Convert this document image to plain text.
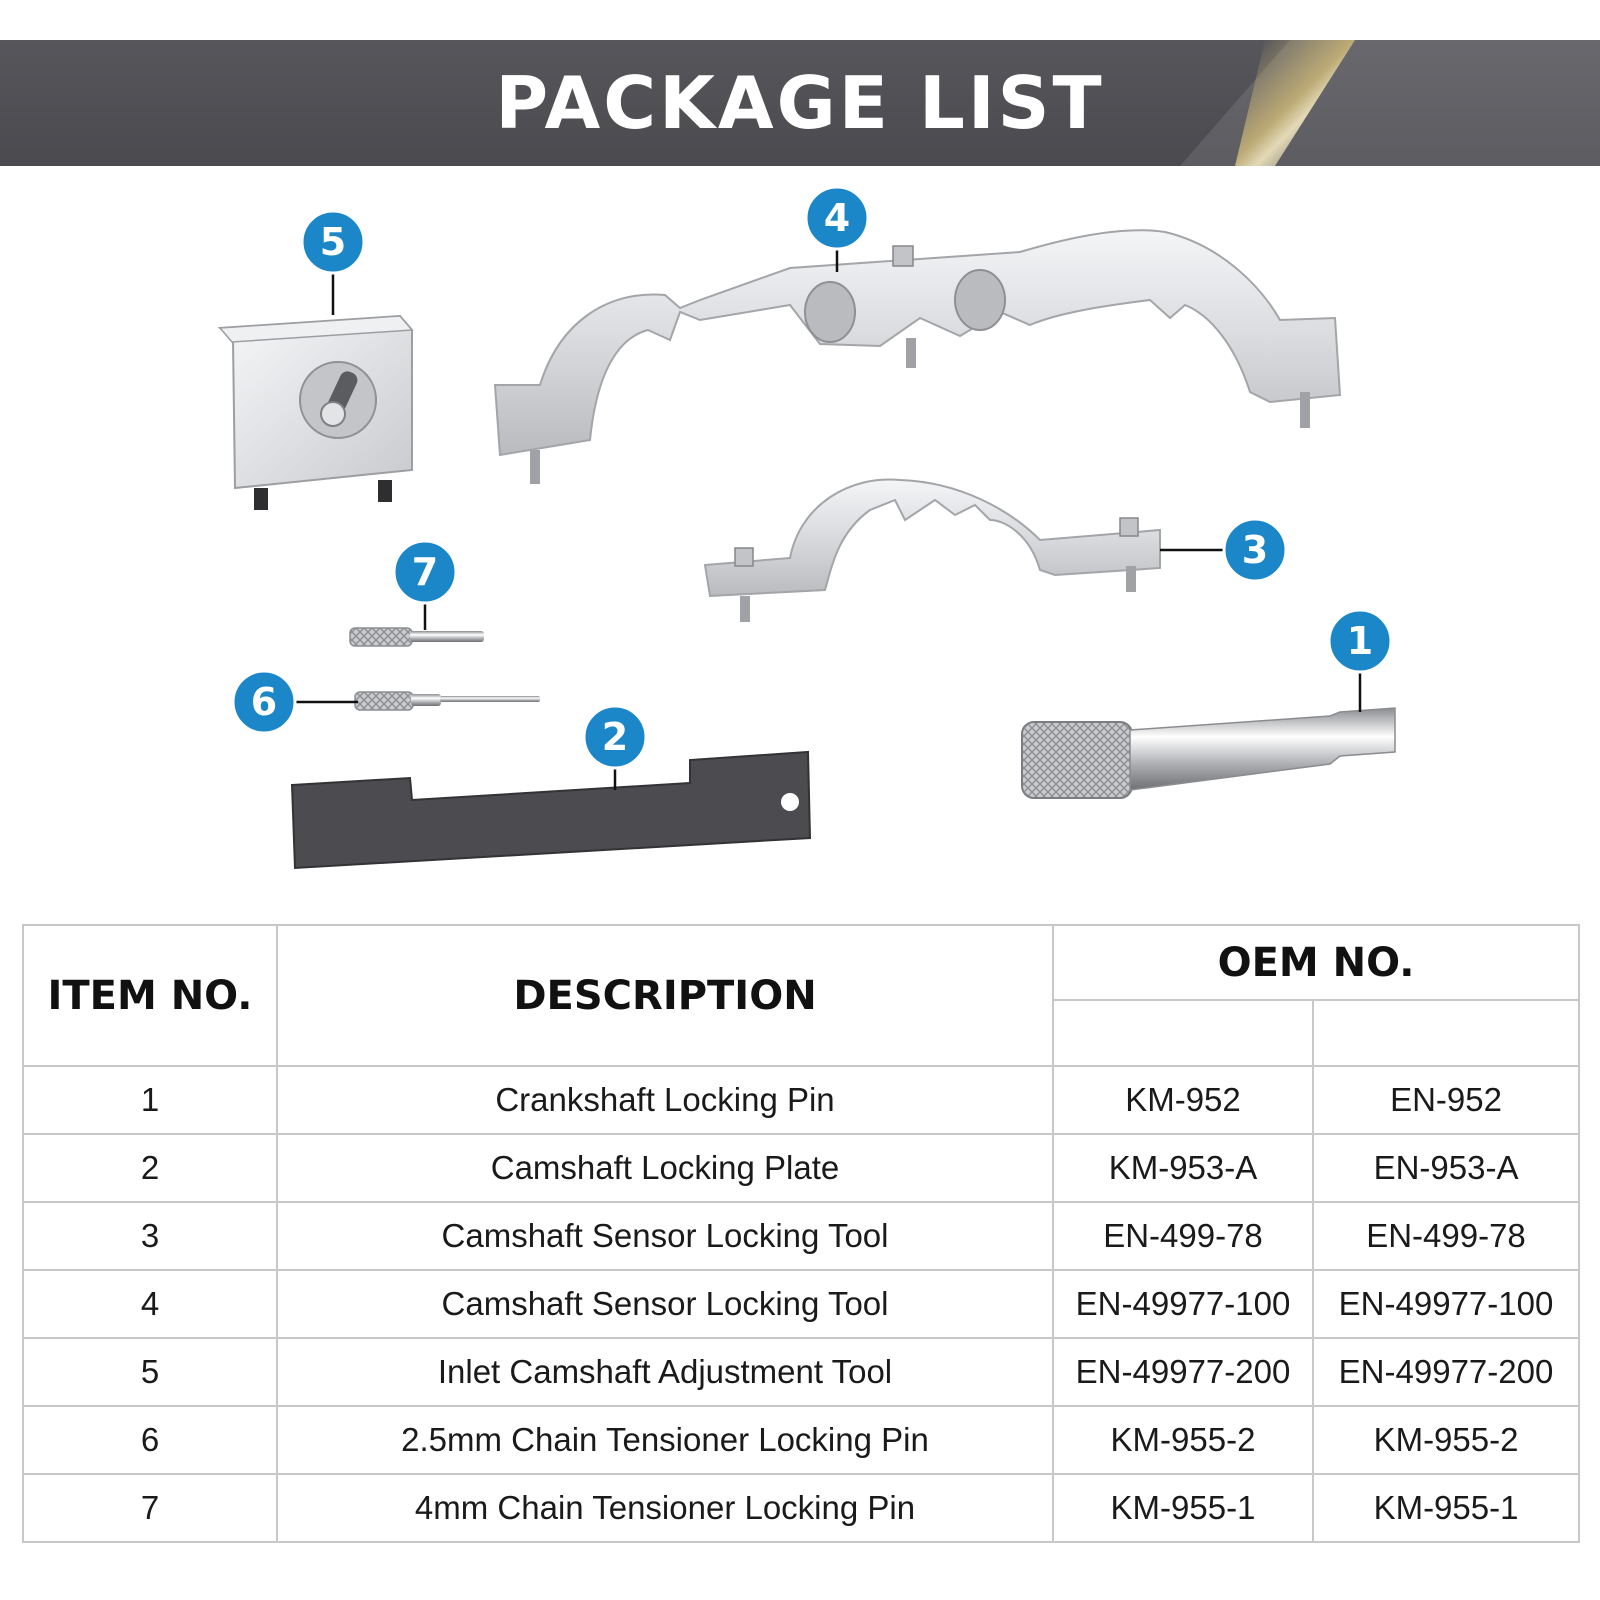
PACKAGE LIST
5
4
3
7
6
2
1
ITEM NO.	DESCRIPTION	OEM NO.	

1	Crankshaft Locking Pin	KM-952	EN-952
2	Camshaft Locking Plate	KM-953-A	EN-953-A
3	Camshaft Sensor Locking Tool	EN-499-78	EN-499-78
4	Camshaft Sensor Locking Tool	EN-49977-100	EN-49977-100
5	Inlet Camshaft Adjustment Tool	EN-49977-200	EN-49977-200
6	2.5mm Chain Tensioner Locking Pin	KM-955-2	KM-955-2
7	4mm Chain Tensioner Locking Pin	KM-955-1	KM-955-1
